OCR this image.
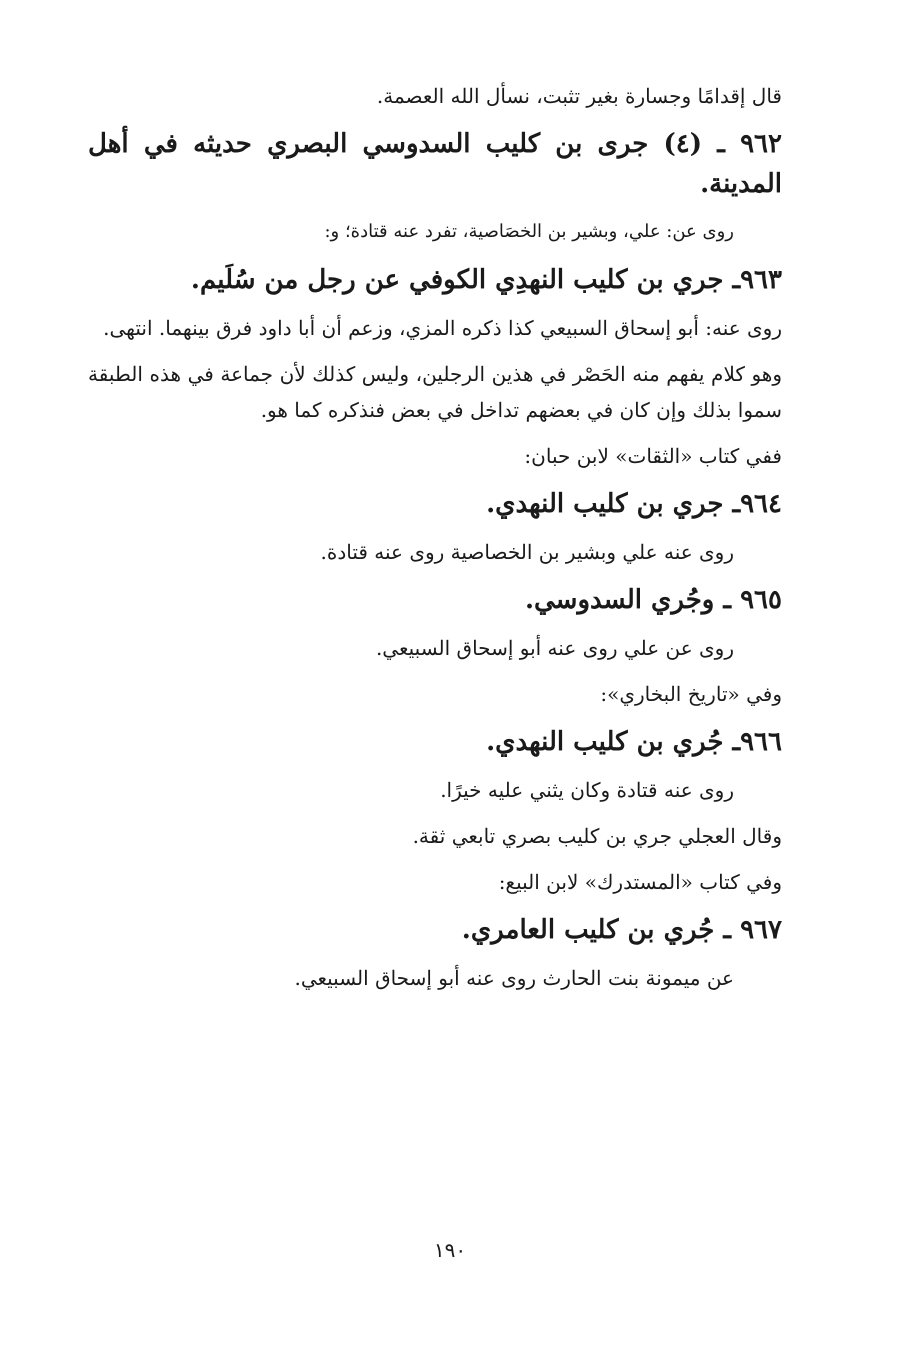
قال إقدامًا وجسارة بغير تثبت، نسأل الله العصمة.
٩٦٢ ـ (٤) جرى بن كليب السدوسي البصري حديثه في أهل المدينة.
روى عن: علي، وبشير بن الخصَاصية، تفرد عنه قتادة؛ و:
٩٦٣ـ جري بن كليب النهدِي الكوفي عن رجل من سُلَيم.
روى عنه: أبو إسحاق السبيعي كذا ذكره المزي، وزعم أن أبا داود فرق بينهما. انتهى.
وهو كلام يفهم منه الحَصْر في هذين الرجلين، وليس كذلك لأن جماعة في هذه الطبقة سموا بذلك وإن كان في بعضهم تداخل في بعض فنذكره كما هو.
ففي كتاب «الثقات» لابن حبان:
٩٦٤ـ جري بن كليب النهدي.
روى عنه علي وبشير بن الخصاصية روى عنه قتادة.
٩٦٥ ـ وجُري السدوسي.
روى عن علي روى عنه أبو إسحاق السبيعي.
وفي «تاريخ البخاري»:
٩٦٦ـ جُري بن كليب النهدي.
روى عنه قتادة وكان يثني عليه خيرًا.
وقال العجلي جري بن كليب بصري تابعي ثقة.
وفي كتاب «المستدرك» لابن البيع:
٩٦٧ ـ جُري بن كليب العامري.
عن ميمونة بنت الحارث روى عنه أبو إسحاق السبيعي.
١٩٠
